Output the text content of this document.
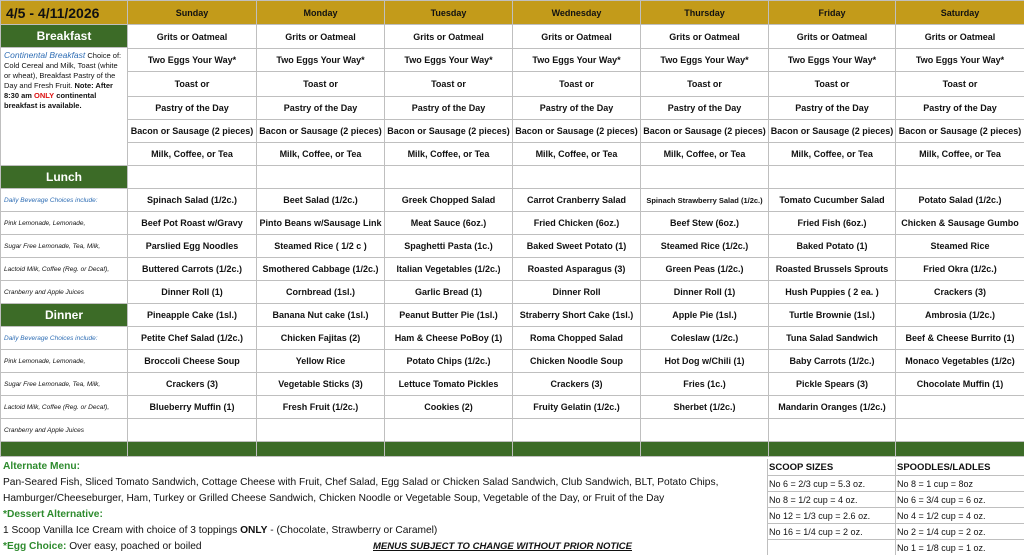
4/5 - 4/11/2026	Sunday	Monday	Tuesday	Wednesday	Thursday	Friday	Saturday
Breakfast	Grits or Oatmeal	Grits or Oatmeal	Grits or Oatmeal	Grits or Oatmeal	Grits or Oatmeal	Grits or Oatmeal	Grits or Oatmeal
Continental Breakfast Choice of: Cold Cereal and Milk, Toast (white or wheat), Breakfast Pastry of the Day and Fresh Fruit. Note: After 8:30 am ONLY continental breakfast is available.							
	Two Eggs Your Way*	Two Eggs Your Way*	Two Eggs Your Way*	Two Eggs Your Way*	Two Eggs Your Way*	Two Eggs Your Way*	Two Eggs Your Way*
	Toast or	Toast or	Toast or	Toast or	Toast or	Toast or	Toast or
	Pastry of the Day	Pastry of the Day	Pastry of the Day	Pastry of the Day	Pastry of the Day	Pastry of the Day	Pastry of the Day
	Bacon or Sausage (2 pieces)	Bacon or Sausage (2 pieces)	Bacon or Sausage (2 pieces)	Bacon or Sausage (2 pieces)	Bacon or Sausage (2 pieces)	Bacon or Sausage (2 pieces)	Bacon or Sausage (2 pieces)
	Milk, Coffee, or Tea	Milk, Coffee, or Tea	Milk, Coffee, or Tea	Milk, Coffee, or Tea	Milk, Coffee, or Tea	Milk, Coffee, or Tea	Milk, Coffee, or Tea
Lunch							
Daily Beverage Choices include:	Spinach Salad (1/2c.)	Beet Salad (1/2c.)	Greek Chopped Salad	Carrot Cranberry Salad	Spinach Strawberry Salad (1/2c.)	Tomato Cucumber Salad	Potato Salad (1/2c.)
Pink Lemonade, Lemonade,	Beef Pot Roast w/Gravy	Pinto Beans w/Sausage Link	Meat Sauce (6oz.)	Fried Chicken (6oz.)	Beef Stew (6oz.)	Fried Fish (6oz.)	Chicken & Sausage Gumbo
Sugar Free Lemonade, Tea, Milk,	Parslied Egg Noodles	Steamed Rice ( 1/2 c )	Spaghetti Pasta (1c.)	Baked Sweet Potato (1)	Steamed Rice (1/2c.)	Baked Potato (1)	Steamed Rice
Lactoid Milk, Coffee (Reg. or Decaf),	Buttered Carrots (1/2c.)	Smothered Cabbage (1/2c.)	Italian Vegetables (1/2c.)	Roasted Asparagus (3)	Green Peas (1/2c.)	Roasted Brussels Sprouts	Fried Okra (1/2c.)
Cranberry and Apple Juices	Dinner Roll (1)	Cornbread (1sl.)	Garlic Bread (1)	Dinner Roll	Dinner Roll (1)	Hush Puppies ( 2 ea. )	Crackers (3)
Dinner	Pineapple Cake (1sl.)	Banana Nut cake (1sl.)	Peanut Butter Pie (1sl.)	Straberry Short Cake (1sl.)	Apple Pie (1sl.)	Turtle Brownie (1sl.)	Ambrosia (1/2c.)
Daily Beverage Choices include:	Petite Chef Salad (1/2c.)	Chicken Fajitas (2)	Ham & Cheese PoBoy (1)	Roma Chopped Salad	Coleslaw (1/2c.)	Tuna Salad Sandwich	Beef & Cheese Burrito (1)
Pink Lemonade, Lemonade,	Broccoli Cheese Soup	Yellow Rice	Potato Chips (1/2c.)	Chicken Noodle Soup	Hot Dog w/Chili (1)	Baby Carrots (1/2c.)	Monaco Vegetables (1/2c)
Sugar Free Lemonade, Tea, Milk,	Crackers (3)	Vegetable Sticks (3)	Lettuce Tomato Pickles	Crackers (3)	Fries (1c.)	Pickle Spears (3)	Chocolate Muffin (1)
Lactoid Milk, Coffee (Reg. or Decaf),	Blueberry Muffin (1)	Fresh Fruit (1/2c.)	Cookies (2)	Fruity Gelatin (1/2c.)	Sherbet (1/2c.)	Mandarin Oranges (1/2c.)	
Cranberry and Apple Juices							

Alternate Menu:
Pan-Seared Fish, Sliced Tomato Sandwich, Cottage Cheese with Fruit, Chef Salad, Egg Salad or Chicken Salad Sandwich, Club Sandwich, BLT, Potato Chips,
Hamburger/Cheeseburger, Ham, Turkey or Grilled Cheese Sandwich, Chicken Noodle or Vegetable Soup, Vegetable of the Day, or Fruit of the Day
*Dessert Alternative:
1 Scoop Vanilla Ice Cream with choice of 3 toppings ONLY - (Chocolate, Strawberry or Caramel)
*Egg Choice: Over easy, poached or boiled	MENUS SUBJECT TO CHANGE WITHOUT PRIOR NOTICE
SCOOP SIZES
No 6 = 2/3 cup = 5.3 oz.
No 8 = 1/2 cup = 4 oz.
No 12 = 1/3 cup = 2.6 oz.
No 16 = 1/4 cup = 2 oz.
SPOODLES/LADLES
No 8 = 1 cup = 8oz
No 6 = 3/4 cup = 6 oz.
No 4 = 1/2 cup = 4 oz.
No 2 = 1/4 cup = 2 oz.
No 1 = 1/8 cup = 1 oz.
